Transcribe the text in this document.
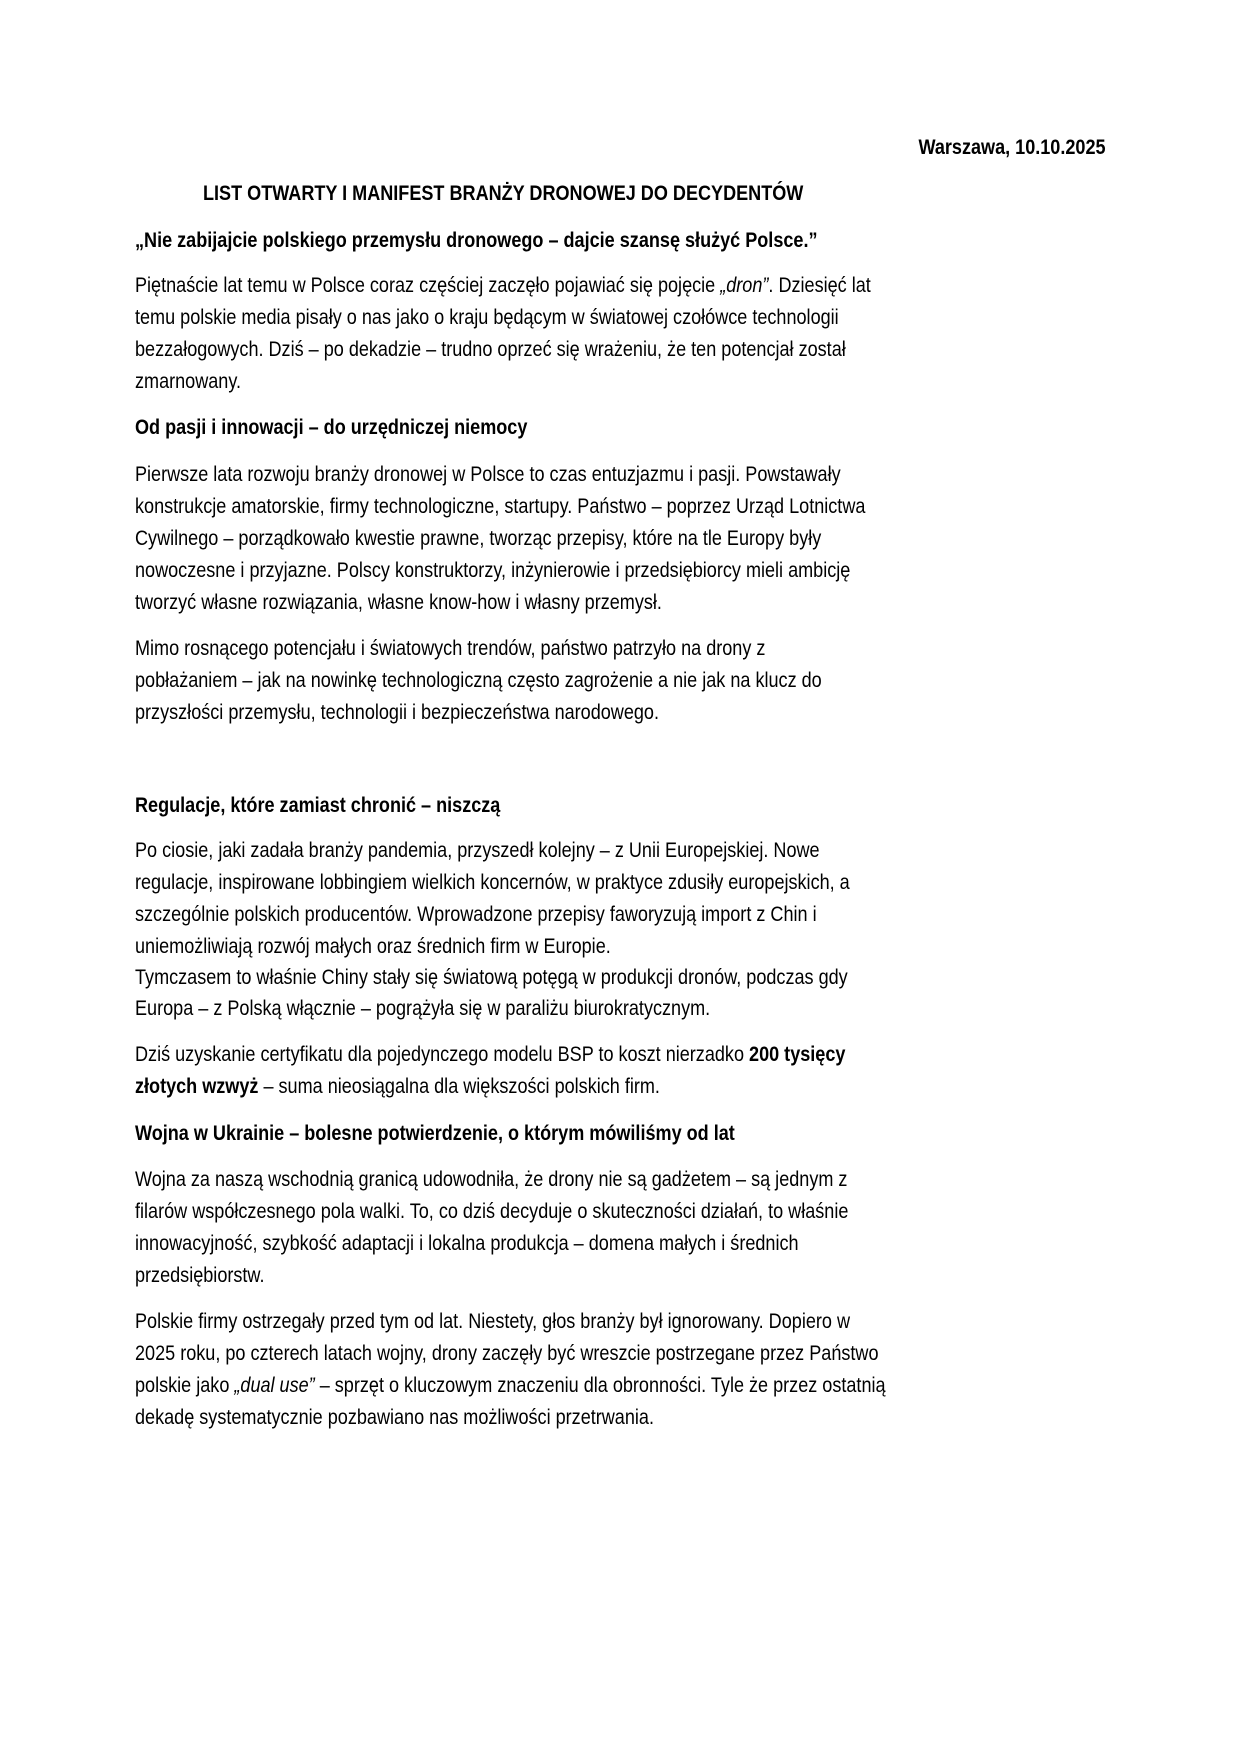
Warszawa, 10.10.2025
LIST OTWARTY I MANIFEST BRANŻY DRONOWEJ DO DECYDENTÓW
„Nie zabijajcie polskiego przemysłu dronowego – dajcie szansę służyć Polsce.”
Piętnaście lat temu w Polsce coraz częściej zaczęło pojawiać się pojęcie „dron”. Dziesięć lat
temu polskie media pisały o nas jako o kraju będącym w światowej czołówce technologii
bezzałogowych. Dziś – po dekadzie – trudno oprzeć się wrażeniu, że ten potencjał został
zmarnowany.
Od pasji i innowacji – do urzędniczej niemocy
Pierwsze lata rozwoju branży dronowej w Polsce to czas entuzjazmu i pasji. Powstawały
konstrukcje amatorskie, firmy technologiczne, startupy. Państwo – poprzez Urząd Lotnictwa
Cywilnego – porządkowało kwestie prawne, tworząc przepisy, które na tle Europy były
nowoczesne i przyjazne. Polscy konstruktorzy, inżynierowie i przedsiębiorcy mieli ambicję
tworzyć własne rozwiązania, własne know-how i własny przemysł.
Mimo rosnącego potencjału i światowych trendów, państwo patrzyło na drony z
pobłażaniem – jak na nowinkę technologiczną często zagrożenie a nie jak na klucz do
przyszłości przemysłu, technologii i bezpieczeństwa narodowego.
Regulacje, które zamiast chronić – niszczą
Po ciosie, jaki zadała branży pandemia, przyszedł kolejny – z Unii Europejskiej. Nowe
regulacje, inspirowane lobbingiem wielkich koncernów, w praktyce zdusiły europejskich, a
szczególnie polskich producentów. Wprowadzone przepisy faworyzują import z Chin i
uniemożliwiają rozwój małych oraz średnich firm w Europie.
Tymczasem to właśnie Chiny stały się światową potęgą w produkcji dronów, podczas gdy
Europa – z Polską włącznie – pogrążyła się w paraliżu biurokratycznym.
Dziś uzyskanie certyfikatu dla pojedynczego modelu BSP to koszt nierzadko 200 tysięcy
złotych wzwyż – suma nieosiągalna dla większości polskich firm.
Wojna w Ukrainie – bolesne potwierdzenie, o którym mówiliśmy od lat
Wojna za naszą wschodnią granicą udowodniła, że drony nie są gadżetem – są jednym z
filarów współczesnego pola walki. To, co dziś decyduje o skuteczności działań, to właśnie
innowacyjność, szybkość adaptacji i lokalna produkcja – domena małych i średnich
przedsiębiorstw.
Polskie firmy ostrzegały przed tym od lat. Niestety, głos branży był ignorowany. Dopiero w
2025 roku, po czterech latach wojny, drony zaczęły być wreszcie postrzegane przez Państwo
polskie jako „dual use” – sprzęt o kluczowym znaczeniu dla obronności. Tyle że przez ostatnią
dekadę systematycznie pozbawiano nas możliwości przetrwania.
